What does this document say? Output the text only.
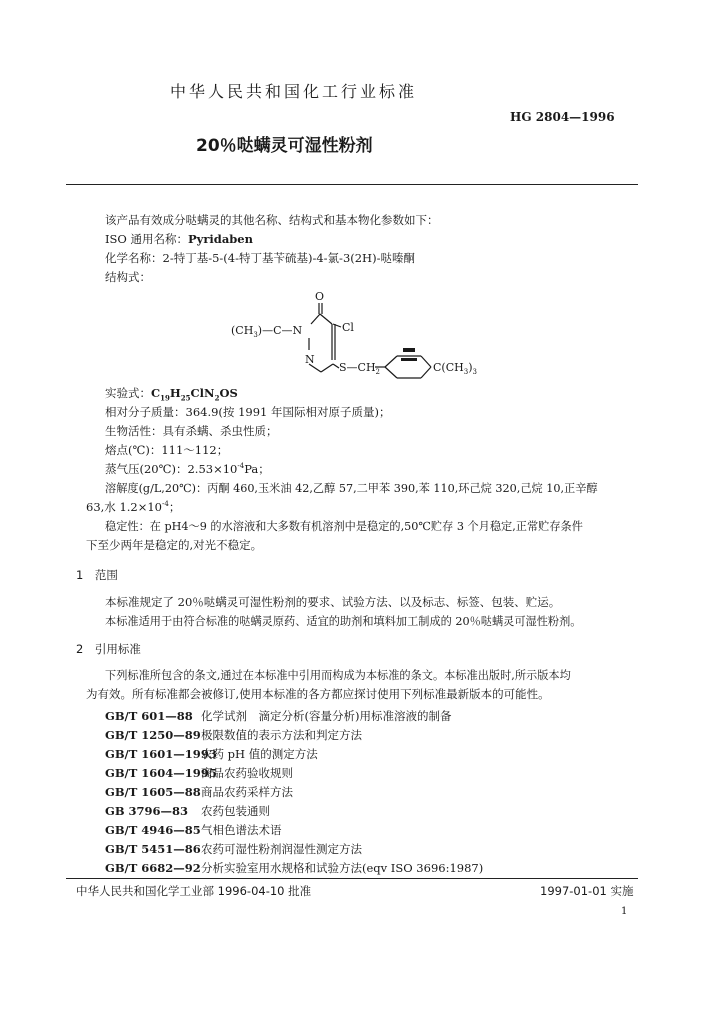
中华人民共和国化工行业标准
HG 2804—1996
20％哒螨灵可湿性粉剂
该产品有效成分哒螨灵的其他名称、结构式和基本物化参数如下：
ISO 通用名称：Pyridaben
化学名称：2-特丁基-5-(4-特丁基苄硫基)-4-氯-3(2H)-哒嗪酮
结构式：
O
$(CH_3)—C—N$	Cl
N
$S—CH_2$	$C(CH_3)_3$
实验式：$C_{19}H_{25}ClN_2OS$
相对分子质量：364.9(按 1991 年国际相对原子质量)；
生物活性：具有杀螨、杀虫性质；
熔点(℃)：111～112；
蒸气压(20℃)：$2.53\times 10^{-4}Pa$；
溶解度(g/L,20℃)：丙酮 460,玉米油 42,乙醇 57,二甲苯 390,苯 110,环己烷 320,己烷 10,正辛醇
63,水 $1.2\times 10^{-4}$；
稳定性：在 pH4～9 的水溶液和大多数有机溶剂中是稳定的,50℃贮存 3 个月稳定,正常贮存条件
下至少两年是稳定的,对光不稳定。
1　范围
本标准规定了 20％哒螨灵可湿性粉剂的要求、试验方法、以及标志、标签、包装、贮运。
本标准适用于由符合标准的哒螨灵原药、适宜的助剂和填料加工制成的 20％哒螨灵可湿性粉剂。
2　引用标准
下列标准所包含的条文,通过在本标准中引用而构成为本标准的条文。本标准出版时,所示版本均
为有效。所有标准都会被修订,使用本标准的各方都应探讨使用下列标准最新版本的可能性。
GB/T 601—88 化学试剂　滴定分析(容量分析)用标准溶液的制备
GB/T 1250—89极限数值的表示方法和判定方法
GB/T 1601—1993农药 pH 值的测定方法
GB/T 1604—1995商品农药验收规则
GB/T 1605—88商品农药采样方法
GB 3796—83 农药包装通则
GB/T 4946—85气相色谱法术语
GB/T 5451—86农药可湿性粉剂润湿性测定方法
GB/T 6682—92分析实验室用水规格和试验方法(eqv ISO 3696:1987)
中华人民共和国化学工业部 1996-04-10 批准	1997-01-01 实施
1
